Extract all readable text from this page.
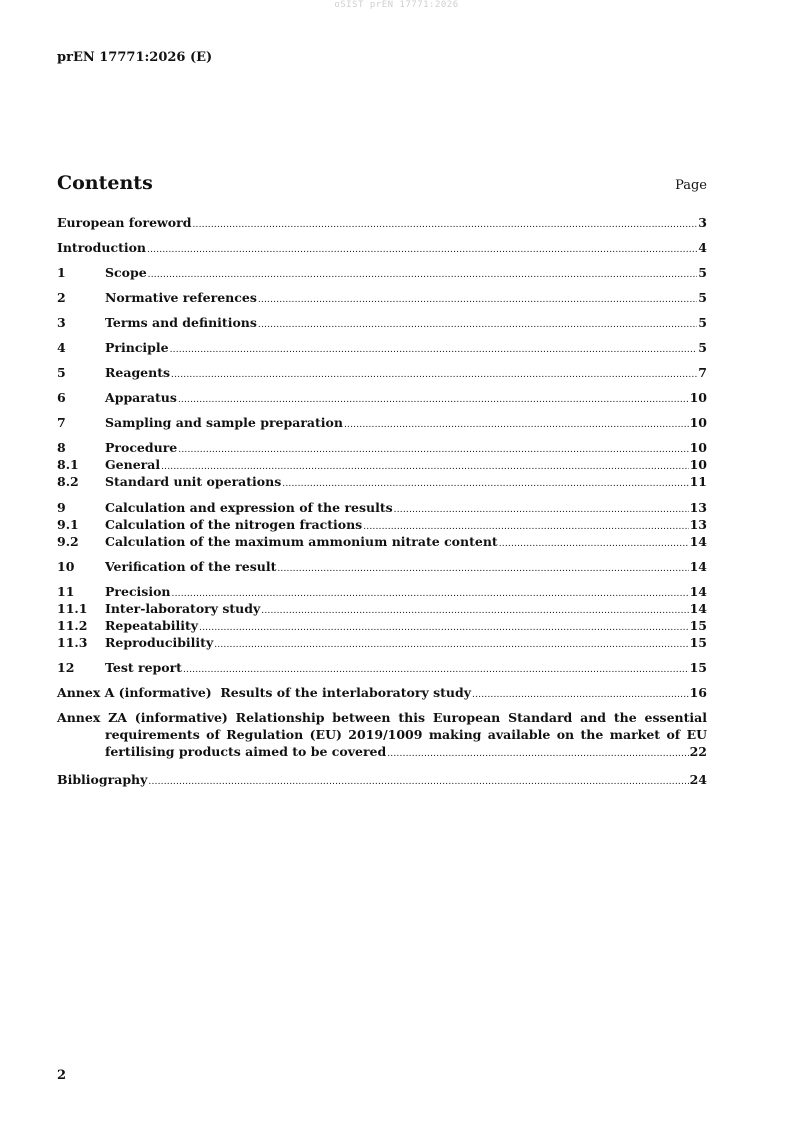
oSIST prEN 17771:2026
prEN 17771:2026 (E)
Contents	Page
European foreword .....	3
Introduction .....	4
1	Scope .....	5
2	Normative references .....	5
3	Terms and definitions .....	5
4	Principle .....	5
5	Reagents .....	7
6	Apparatus .....	10
7	Sampling and sample preparation .....	10
8	Procedure .....	10
8.1	General .....	10
8.2	Standard unit operations .....	11
9	Calculation and expression of the results .....	13
9.1	Calculation of the nitrogen fractions .....	13
9.2	Calculation of the maximum ammonium nitrate content .....	14
10	Verification of the result .....	14
11	Precision .....	14
11.1	Inter-laboratory study .....	14
11.2	Repeatability .....	15
11.3	Reproducibility .....	15
12	Test report .....	15
Annex A (informative)  Results of the interlaboratory study .....	16
Annex ZA (informative) Relationship between this European Standard and the essential
requirements of Regulation (EU) 2019/1009 making available on the market of EU
fertilising products aimed to be covered .....	22
Bibliography .....	24
2
